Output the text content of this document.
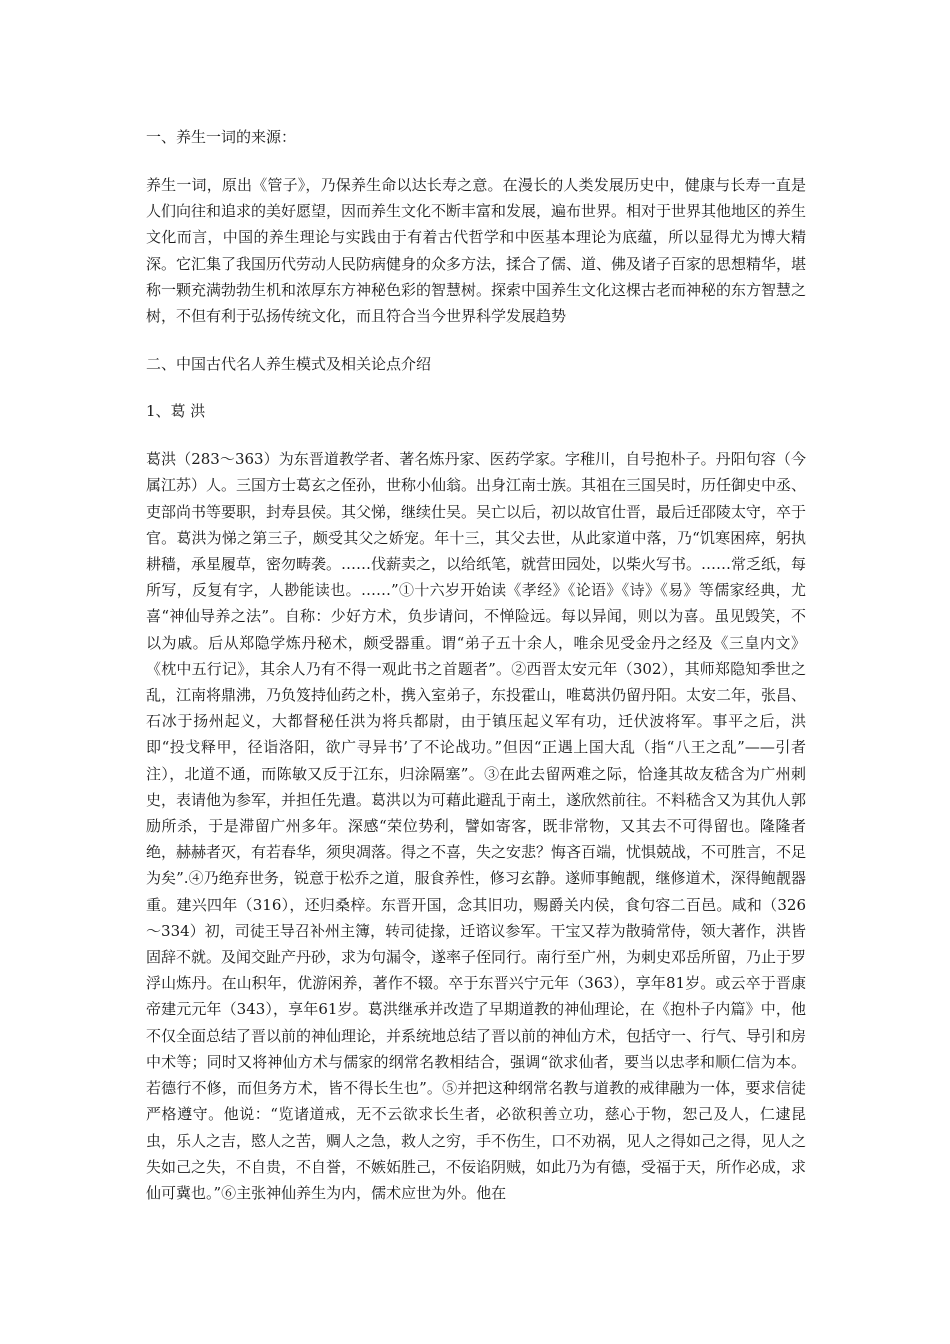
一、养生一词的来源：

养生一词，原出《管子》，乃保养生命以达长寿之意。在漫长的人类发展历史中，健康与长寿一直是人们向往和追求的美好愿望，因而养生文化不断丰富和发展，遍布世界。相对于世界其他地区的养生文化而言，中国的养生理论与实践由于有着古代哲学和中医基本理论为底蕴，所以显得尤为博大精深。它汇集了我国历代劳动人民防病健身的众多方法，揉合了儒、道、佛及诸子百家的思想精华，堪称一颗充满勃勃生机和浓厚东方神秘色彩的智慧树。探索中国养生文化这棵古老而神秘的东方智慧之树，不但有利于弘扬传统文化，而且符合当今世界科学发展趋势

二、中国古代名人养生模式及相关论点介绍

1、葛 洪

葛洪（283～363）为东晋道教学者、著名炼丹家、医药学家。字稚川，自号抱朴子。丹阳句容（今属江苏）人。三国方士葛玄之侄孙，世称小仙翁。出身江南士族。其祖在三国吴时，历任御史中丞、吏部尚书等要职，封寿县侯。其父悌，继续仕吴。吴亡以后，初以故官仕晋，最后迁邵陵太守，卒于官。葛洪为悌之第三子，颇受其父之娇宠。年十三，其父去世，从此家道中落，乃“饥寒困瘁，躬执耕穑，承星履草，密勿畴袭。……伐薪卖之，以给纸笔，就营田园处，以柴火写书。……常乏纸，每所写，反复有字，人尠能读也。……”①十六岁开始读《孝经》《论语》《诗》《易》等儒家经典，尤喜“神仙导养之法”。自称：少好方术，负步请问，不惮险远。每以异闻，则以为喜。虽见毁笑，不以为戚。后从郑隐学炼丹秘术，颇受器重。谓“弟子五十余人，唯余见受金丹之经及《三皇内文》《枕中五行记》，其余人乃有不得一观此书之首题者”。②西晋太安元年（302），其师郑隐知季世之乱，江南将鼎沸，乃负笈持仙药之朴，携入室弟子，东投霍山，唯葛洪仍留丹阳。太安二年，张昌、石冰于扬州起义，大都督秘任洪为将兵都尉，由于镇压起义军有功，迁伏波将军。事平之后，洪即“投戈释甲，径诣洛阳，欲广寻异书’了不论战功。”但因“正遇上国大乱（指“八王之乱”——引者注），北道不通，而陈敏又反于江东，归涂隔塞”。③在此去留两难之际，恰逢其故友嵇含为广州刺史，表请他为参军，并担任先遣。葛洪以为可藉此避乱于南土，遂欣然前往。不料嵇含又为其仇人郭励所杀，于是滞留广州多年。深感“荣位势利，譬如寄客，既非常物，又其去不可得留也。隆隆者绝，赫赫者灭，有若春华，须臾凋落。得之不喜，失之安悲？悔吝百端，忧惧兢战，不可胜言，不足为矣”.④乃绝弃世务，锐意于松乔之道，服食养性，修习玄静。遂师事鲍靓，继修道术，深得鲍靓器重。建兴四年（316），还归桑梓。东晋开国，念其旧功，赐爵关内侯，食句容二百邑。咸和（326～334）初，司徒王导召补州主簿，转司徒掾，迁谘议参军。干宝又荐为散骑常侍，领大著作，洪皆固辞不就。及闻交趾产丹砂，求为句漏令，遂率子侄同行。南行至广州，为刺史邓岳所留，乃止于罗浮山炼丹。在山积年，优游闲养，著作不辍。卒于东晋兴宁元年（363），享年81岁。或云卒于晋康帝建元元年（343），享年61岁。葛洪继承并改造了早期道教的神仙理论，在《抱朴子内篇》中，他不仅全面总结了晋以前的神仙理论，并系统地总结了晋以前的神仙方术，包括守一、行气、导引和房中术等；同时又将神仙方术与儒家的纲常名教相结合，强调“欲求仙者，要当以忠孝和顺仁信为本。若德行不修，而但务方术，皆不得长生也”。⑤并把这种纲常名教与道教的戒律融为一体，要求信徒严格遵守。他说：“览诸道戒，无不云欲求长生者，必欲积善立功，慈心于物，恕己及人，仁逮昆虫，乐人之吉，愍人之苦，赒人之急，救人之穷，手不伤生，口不劝祸，见人之得如己之得，见人之失如己之失，不自贵，不自誉，不嫉妬胜己，不佞谄阴贼，如此乃为有德，受福于天，所作必成，求仙可冀也。”⑥主张神仙养生为内，儒术应世为外。他在
